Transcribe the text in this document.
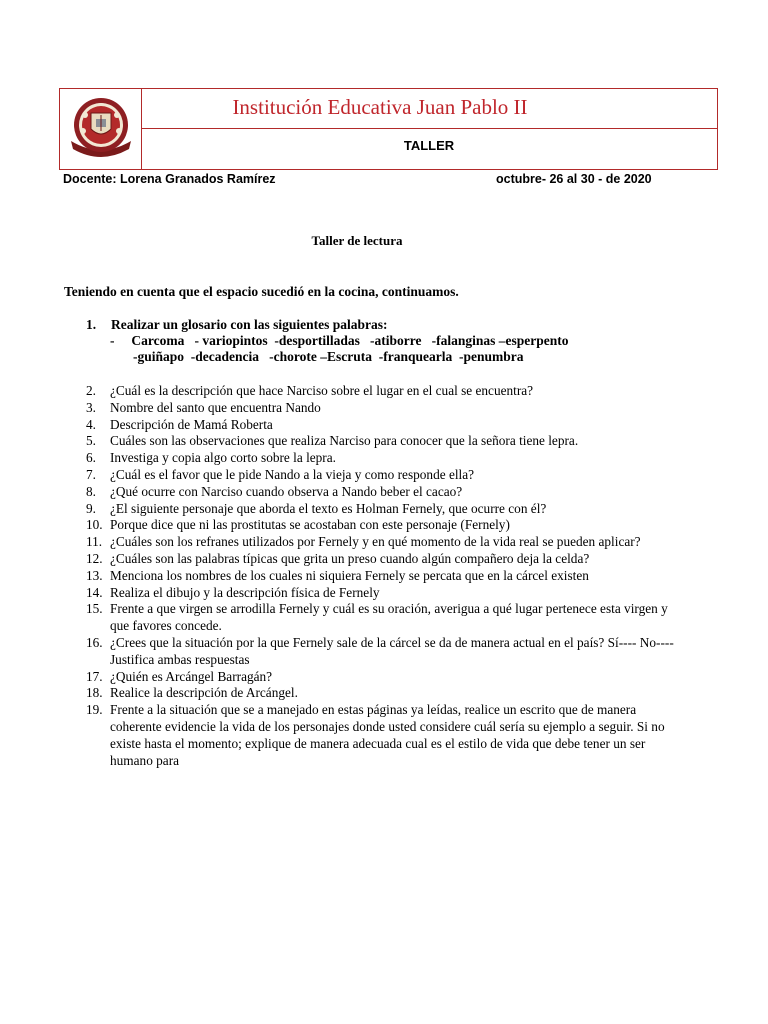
Institución Educativa Juan Pablo II
TALLER
Docente: Lorena Granados Ramírez	octubre- 26 al 30 - de 2020
Taller de lectura
Teniendo en cuenta que el espacio sucedió en la cocina, continuamos.
1. Realizar un glosario con las siguientes palabras:
-     Carcoma   - variopintos  -desportilladas   -atiborre   -falanginas –esperpento
-guiñapo  -decadencia   -chorote –Escruta  -franquearla  -penumbra
2.	¿Cuál es la descripción que hace Narciso sobre el lugar en el cual se encuentra?
3.	Nombre del santo que encuentra Nando
4.	Descripción de Mamá Roberta
5.	Cuáles son las observaciones que realiza Narciso para conocer que la señora tiene lepra.
6.	Investiga y copia algo corto sobre la lepra.
7.	¿Cuál es el favor que le pide Nando a la vieja y como responde ella?
8.	¿Qué ocurre con Narciso cuando observa a Nando beber el cacao?
9.	¿El siguiente personaje que aborda el texto es Holman Fernely, que ocurre con él?
10. Porque dice que ni las prostitutas se acostaban con este personaje (Fernely)
11. ¿Cuáles son los refranes utilizados por Fernely y en qué momento de la vida real se pueden aplicar?
12. ¿Cuáles son las palabras típicas que grita un preso cuando algún compañero deja la celda?
13. Menciona los nombres de los cuales ni siquiera Fernely se percata que en la cárcel existen
14. Realiza el dibujo y la descripción física de Fernely
15. Frente a que virgen se arrodilla Fernely y cuál es su oración, averigua a qué lugar pertenece esta virgen y que favores concede.
16. ¿Crees que la situación por la que Fernely sale de la cárcel se da de manera actual en el país? Sí---- No---- Justifica ambas respuestas
17. ¿Quién es Arcángel Barragán?
18. Realice la descripción de Arcángel.
19. Frente a la situación que se a manejado en estas páginas ya leídas, realice un escrito que de manera coherente evidencie la vida de los personajes donde usted considere cuál sería su ejemplo a seguir. Si no existe hasta el momento; explique de manera adecuada cual es el estilo de vida que debe tener un ser humano para
